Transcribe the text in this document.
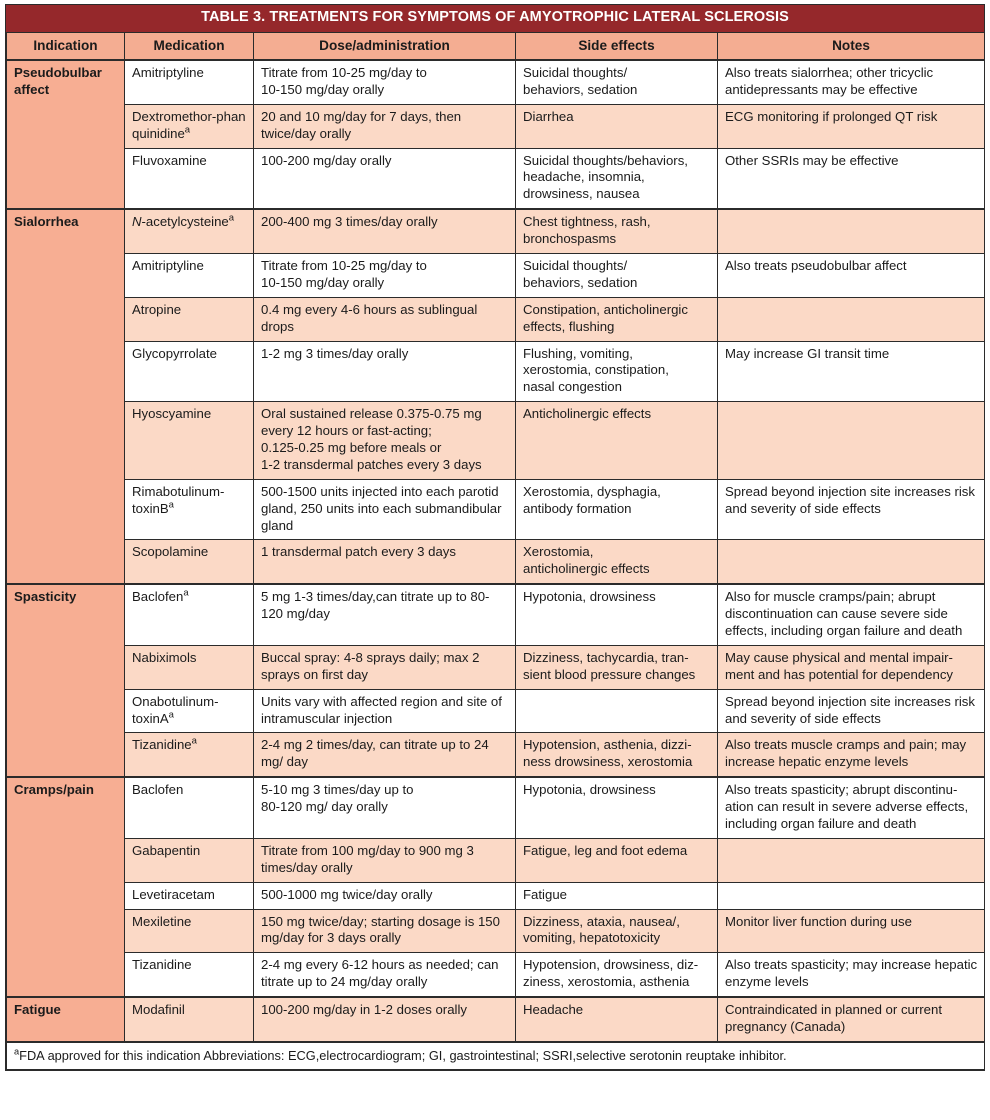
TABLE 3. TREATMENTS FOR SYMPTOMS OF AMYOTROPHIC LATERAL SCLEROSIS
Indication	Medication	Dose/administration	Side effects	Notes
Pseudobulbar affect	Amitriptyline	Titrate from 10-25 mg/day to
10-150 mg/day orally	Suicidal thoughts/
behaviors, sedation	Also treats sialorrhea; other tricyclic antidepressants may be effective
	Dextromethor-phan quinidine$^a$	20 and 10 mg/day for 7 days, then twice/day orally	Diarrhea	ECG monitoring if prolonged QT risk
	Fluvoxamine	100-200 mg/day orally	Suicidal thoughts/behaviors, headache, insomnia,
drowsiness, nausea	Other SSRIs may be effective
Sialorrhea	N-acetylcysteine$^a$	200-400 mg 3 times/day orally	Chest tightness, rash,
bronchospasms	
	Amitriptyline	Titrate from 10-25 mg/day to
10-150 mg/day orally	Suicidal thoughts/
behaviors, sedation	Also treats pseudobulbar affect
	Atropine	0.4 mg every 4-6 hours as sublingual drops	Constipation, anticholinergic effects, flushing	
	Glycopyrrolate	1-2 mg 3 times/day orally	Flushing, vomiting,
xerostomia, constipation,
nasal congestion	May increase GI transit time
	Hyoscyamine	Oral sustained release 0.375-0.75 mg every 12 hours or fast-acting;
0.125-0.25 mg before meals or
1-2 transdermal patches every 3 days	Anticholinergic effects	
	Rimabotulinum-toxinB$^a$	500-1500 units injected into each parotid gland, 250 units into each submandibular gland	Xerostomia, dysphagia,
antibody formation	Spread beyond injection site increases risk and severity of side effects
	Scopolamine	1 transdermal patch every 3 days	Xerostomia,
anticholinergic effects	
Spasticity	Baclofen$^a$	5 mg 1-3 times/day,can titrate up to 80-120 mg/day	Hypotonia, drowsiness	Also for muscle cramps/pain; abrupt discontinuation can cause severe side effects, including organ failure and death
	Nabiximols	Buccal spray: 4-8 sprays daily; max 2 sprays on first day	Dizziness, tachycardia, tran-sient blood pressure changes	May cause physical and mental impair-ment and has potential for dependency
	Onabotulinum-toxinA$^a$	Units vary with affected region and site of intramuscular injection		Spread beyond injection site increases risk and severity of side effects
	Tizanidine$^a$	2-4 mg 2 times/day, can titrate up to 24 mg/ day	Hypotension, asthenia, dizzi-ness drowsiness, xerostomia	Also treats muscle cramps and pain; may increase hepatic enzyme levels
Cramps/pain	Baclofen	5-10 mg 3 times/day up to
80-120 mg/ day orally	Hypotonia, drowsiness	Also treats spasticity; abrupt discontinu-ation can result in severe adverse effects, including organ failure and death
	Gabapentin	Titrate from 100 mg/day to 900 mg 3 times/day orally	Fatigue, leg and foot edema	
	Levetiracetam	500-1000 mg twice/day orally	Fatigue	
	Mexiletine	150 mg twice/day; starting dosage is 150 mg/day for 3 days orally	Dizziness, ataxia, nausea/,
vomiting, hepatotoxicity	Monitor liver function during use
	Tizanidine	2-4 mg every 6-12 hours as needed; can titrate up to 24 mg/day orally	Hypotension, drowsiness, diz-ziness, xerostomia, asthenia	Also treats spasticity; may increase hepatic enzyme levels
Fatigue	Modafinil	100-200 mg/day in 1-2 doses orally	Headache	Contraindicated in planned or current pregnancy (Canada)
$^a$FDA approved for this indication Abbreviations: ECG,electrocardiogram; GI, gastrointestinal; SSRI,selective serotonin reuptake inhibitor.				
